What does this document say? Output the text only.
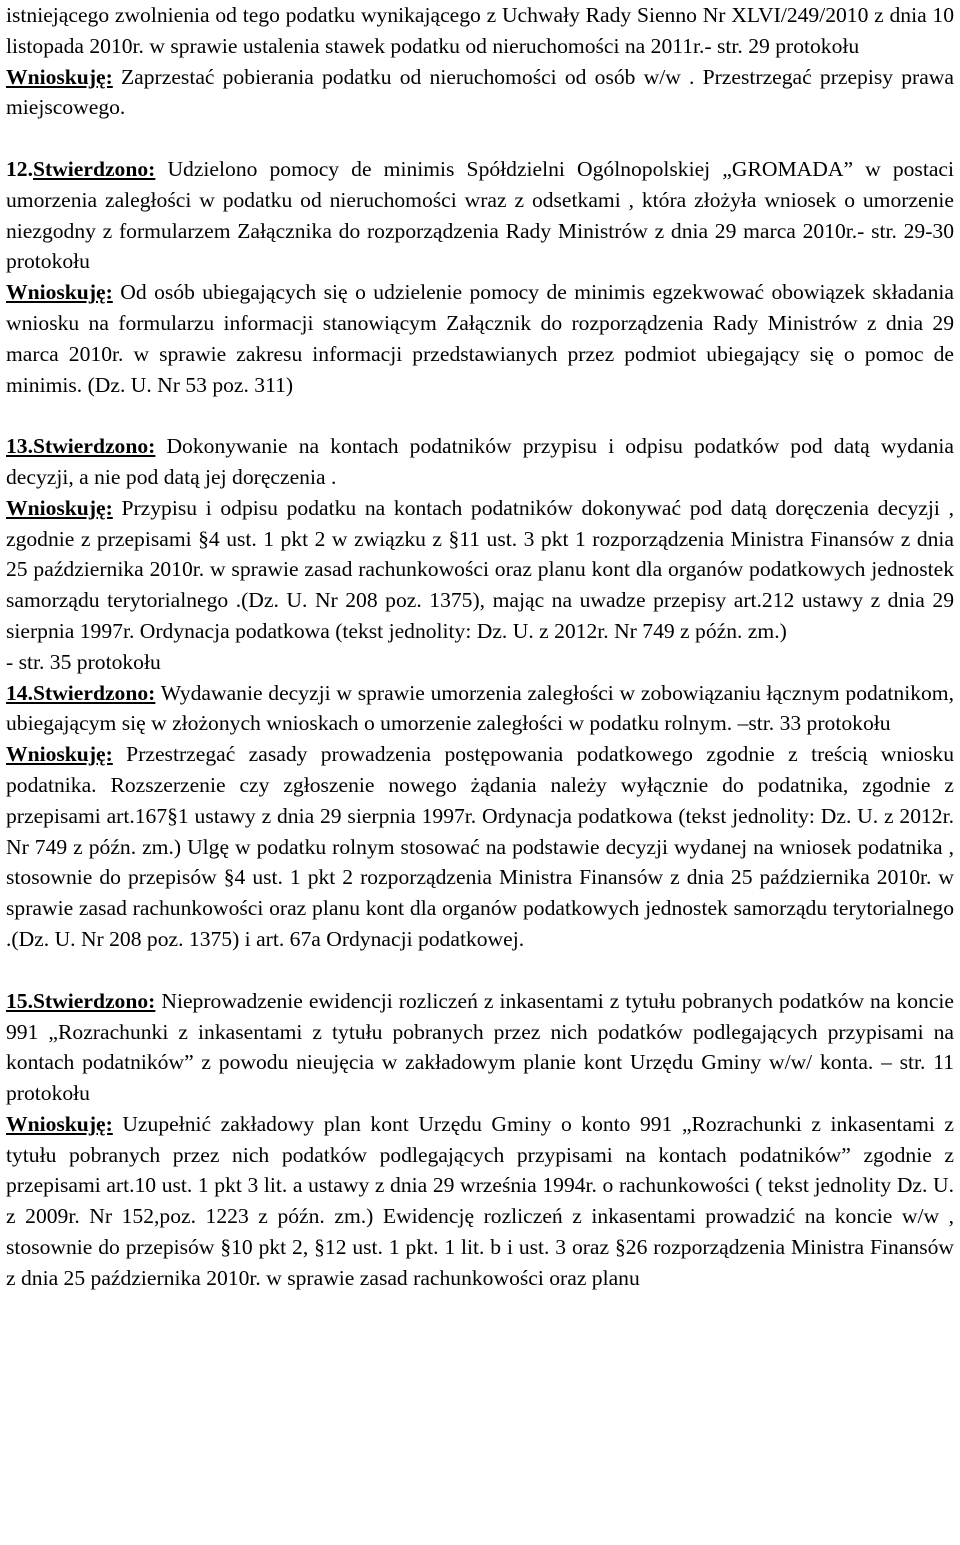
istniejącego zwolnienia od tego podatku wynikającego z Uchwały Rady Sienno Nr XLVI/249/2010 z dnia 10 listopada 2010r. w sprawie ustalenia stawek podatku od nieruchomości na 2011r.- str. 29 protokołu

Wnioskuję: Zaprzestać pobierania podatku od nieruchomości od osób w/w . Przestrzegać przepisy prawa miejscowego.

12.Stwierdzono: Udzielono pomocy de minimis Spółdzielni Ogólnopolskiej „GROMADA” w postaci umorzenia zaległości w podatku od nieruchomości wraz z odsetkami , która złożyła wniosek o umorzenie niezgodny z formularzem Załącznika do rozporządzenia Rady Ministrów z dnia 29 marca 2010r.- str. 29-30 protokołu

Wnioskuję: Od osób ubiegających się o udzielenie pomocy de minimis egzekwować obowiązek składania wniosku na formularzu informacji stanowiącym Załącznik do rozporządzenia Rady Ministrów z dnia 29 marca 2010r. w sprawie zakresu informacji przedstawianych przez podmiot ubiegający się o pomoc de minimis. (Dz. U. Nr 53 poz. 311)

13.Stwierdzono: Dokonywanie na kontach podatników przypisu i odpisu podatków pod datą wydania decyzji, a nie pod datą jej doręczenia .

Wnioskuję: Przypisu i odpisu podatku na kontach podatników dokonywać pod datą doręczenia decyzji , zgodnie z przepisami §4 ust. 1 pkt 2 w związku z §11 ust. 3 pkt 1 rozporządzenia Ministra Finansów z dnia 25 października 2010r. w sprawie zasad rachunkowości oraz planu kont dla organów podatkowych jednostek samorządu terytorialnego .(Dz. U. Nr 208 poz. 1375), mając na uwadze przepisy art.212 ustawy z dnia 29 sierpnia 1997r. Ordynacja podatkowa (tekst jednolity: Dz. U. z 2012r. Nr 749 z późn. zm.)

- str. 35 protokołu

14.Stwierdzono: Wydawanie decyzji w sprawie umorzenia zaległości w zobowiązaniu łącznym podatnikom, ubiegającym się w złożonych wnioskach o umorzenie zaległości w podatku rolnym. –str. 33 protokołu

Wnioskuję: Przestrzegać zasady prowadzenia postępowania podatkowego zgodnie z treścią wniosku podatnika. Rozszerzenie czy zgłoszenie nowego żądania należy wyłącznie do podatnika, zgodnie z przepisami art.167§1 ustawy z dnia 29 sierpnia 1997r. Ordynacja podatkowa (tekst jednolity: Dz. U. z 2012r. Nr 749 z późn. zm.) Ulgę w podatku rolnym stosować na podstawie decyzji wydanej na wniosek podatnika , stosownie do przepisów §4 ust. 1 pkt 2 rozporządzenia Ministra Finansów z dnia 25 października 2010r. w sprawie zasad rachunkowości oraz planu kont dla organów podatkowych jednostek samorządu terytorialnego .(Dz. U. Nr 208 poz. 1375) i art. 67a Ordynacji podatkowej.

15.Stwierdzono: Nieprowadzenie ewidencji rozliczeń z inkasentami z tytułu pobranych podatków na koncie 991 „Rozrachunki z inkasentami z tytułu pobranych przez nich podatków podlegających przypisami na kontach podatników” z powodu nieujęcia w zakładowym planie kont Urzędu Gminy w/w/ konta. – str. 11 protokołu

Wnioskuję: Uzupełnić zakładowy plan kont Urzędu Gminy o konto 991 „Rozrachunki z inkasentami z tytułu pobranych przez nich podatków podlegających przypisami na kontach podatników” zgodnie z przepisami art.10 ust. 1 pkt 3 lit. a ustawy z dnia 29 września 1994r. o rachunkowości ( tekst jednolity Dz. U. z 2009r. Nr 152,poz. 1223 z późn. zm.) Ewidencję rozliczeń z inkasentami prowadzić na koncie w/w , stosownie do przepisów §10 pkt 2, §12 ust. 1 pkt. 1 lit. b i ust. 3 oraz §26 rozporządzenia Ministra Finansów z dnia 25 października 2010r. w sprawie zasad rachunkowości oraz planu
